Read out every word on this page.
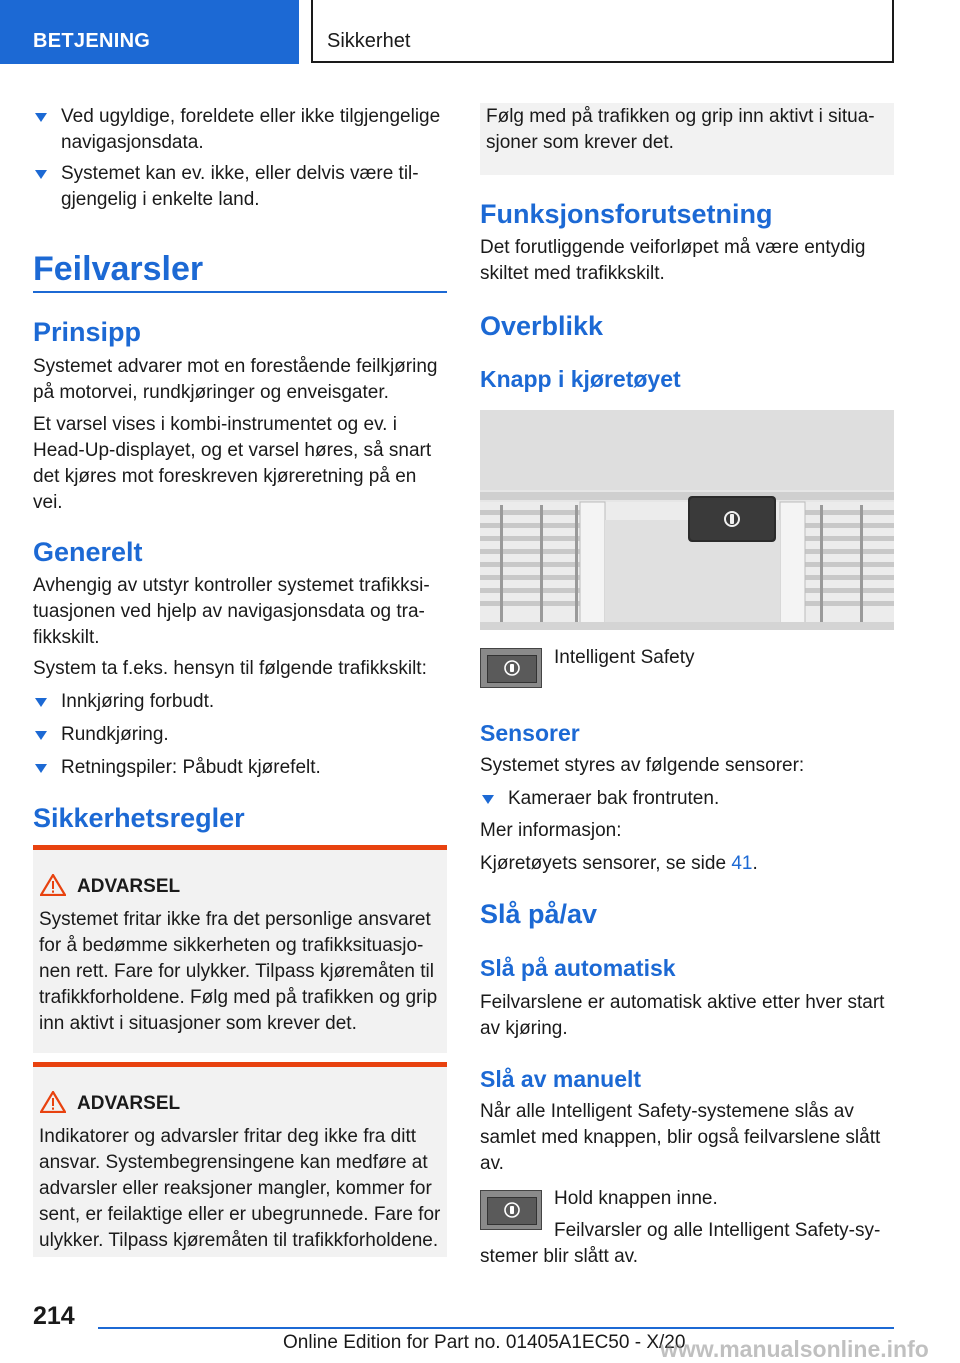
BETJENING	Sikkerhet
Ved ugyldige, foreldete eller ikke tilgjengelige
navigasjonsdata.
Systemet kan ev. ikke, eller delvis være til-
gjengelig i enkelte land.
Feilvarsler
Prinsipp
Systemet advarer mot en forestående feilkjøring
på motorvei, rundkjøringer og enveisgater.
Et varsel vises i kombi-instrumentet og ev. i
Head-Up-displayet, og et varsel høres, så snart
det kjøres mot foreskreven kjøreretning på en
vei.
Generelt
Avhengig av utstyr kontroller systemet trafikksi-
tuasjonen ved hjelp av navigasjonsdata og tra-
fikkskilt.
System ta f.eks. hensyn til følgende trafikkskilt:
Innkjøring forbudt.
Rundkjøring.
Retningspiler: Påbudt kjørefelt.
Sikkerhetsregler
ADVARSEL
Systemet fritar ikke fra det personlige ansvaret
for å bedømme sikkerheten og trafikksituasjo-
nen rett. Fare for ulykker. Tilpass kjøremåten til
trafikkforholdene. Følg med på trafikken og grip
inn aktivt i situasjoner som krever det.
ADVARSEL
Indikatorer og advarsler fritar deg ikke fra ditt
ansvar. Systembegrensingene kan medføre at
advarsler eller reaksjoner mangler, kommer for
sent, er feilaktige eller er ubegrunnede. Fare for
ulykker. Tilpass kjøremåten til trafikkforholdene.
Følg med på trafikken og grip inn aktivt i situa-
sjoner som krever det.
Funksjonsforutsetning
Det forutliggende veiforløpet må være entydig
skiltet med trafikkskilt.
Overblikk
Knapp i kjøretøyet
Intelligent Safety
Sensorer
Systemet styres av følgende sensorer:
Kameraer bak frontruten.
Mer informasjon:
Kjøretøyets sensorer, se side 41.
Slå på/av
Slå på automatisk
Feilvarslene er automatisk aktive etter hver start
av kjøring.
Slå av manuelt
Når alle Intelligent Safety-systemene slås av
samlet med knappen, blir også feilvarslene slått
av.
Hold knappen inne.
Feilvarsler og alle Intelligent Safety-sy-
stemer blir slått av.
214
Online Edition for Part no. 01405A1EC50 - X/20
www.manualsonline.info
